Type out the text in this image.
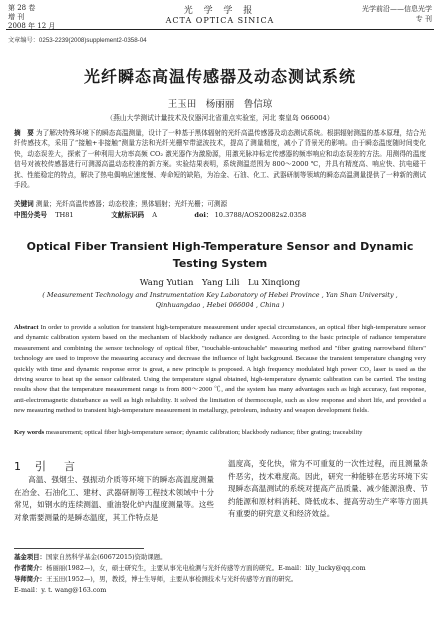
第 28 卷
增 刊
2008 年 12 月
光 学 学 报
ACTA OPTICA SINICA
光学前沿——信息光学
专 刊
文章编号：0253-2239(2008)supplement2-0358-04
光纤瞬态高温传感器及动态测试系统
王玉田　杨丽丽　鲁信琼
（燕山大学测试计量技术及仪器河北省重点实验室，河北 秦皇岛 066004）
摘　要 为了解决特殊环境下的瞬态高温测量，设计了一种基于黑体辐射的光纤高温传感器及动态测试系统。根据辐射测温的基本原理，结合光纤传感技术，采用了“接触+非接触”测量方法和光纤光栅窄带滤波技术，提高了测量精度，减小了背景光的影响。由于瞬态温度随时间变化快，动态误差大，探索了一种利用大功率高频 CO₂ 激光器作为激励源，用激光脉冲标定传感器的频率响应和动态误差的方法。用测得的温度信号对被校传感器进行可测源高温动态校准的新方案。实验结果表明，系统测温范围为 800～2000 ℃，并具有精度高、响应快、抗电磁干扰、性能稳定的特点，解决了热电偶响应速度慢、寿命短的缺陷，为冶金、石油、化工、武器研制等领域的瞬态高温测量提供了一种新的测试手段。
关键词 测量；光纤高温传感器；动态校准；黑体辐射；光纤光栅；可测源
中图分类号 TH81	文献标识码 A	doi： 10.3788/AOS20082s2.0358
Optical Fiber Transient High-Temperature Sensor and Dynamic Testing System
Wang Yutian　Yang Lili　Lu Xinqiong
( Measurement Technology and Instrumentation Key Laboratory of Hebei Province , Yan Shan University , Qinhuangdao , Hebei 066004 , China )
Abstract In order to provide a solution for transient high-temperature measurement under special circumstances, an optical fiber high-temperature sensor and dynamic calibration system based on the mechanism of blackbody radiance are designed. According to the basic principle of radiance temperature measurement and combining the sensor technology of optical fiber, "touchable-untouchable" measuring method and "fiber grating narrowband filters" technology are used to improve the measuring accuracy and decrease the influence of light background. Because the transient temperature changing very quickly with time and dynamic response error is great, a new principle is proposed. A high frequency modulated high power CO₂ laser is used as the driving source to heat up the sensor calibrated. Using the temperature signal obtained, high-temperature dynamic calibration can be carried. The testing results show that the temperature measurement range is from 800～2000 ℃, and the system has many advantages such as high accuracy, fast response, anti-electromagnetic disturbance as well as high reliability. It solved the limitation of thermocouple, such as slow response and short life, and provided a new measuring method to transient high-temperature measurement in metallurgy, petroleum, industry and weapon development fields.
Key words measurement; optical fiber high-temperature sensor; dynamic calibration; blackbody radiance; fiber grating; traceability
1 引言
高温、强烟尘、强振动介质等环境下的瞬态高温度测量在冶金、石油化工、建材、武器研制等工程技术领域中十分常见，如钢水的连续测温、重油裂化炉内温度测量等。这些对象需要测量的是瞬态温度，其工作特点是
温度高，变化快，常为不可重复的一次性过程，而且测量条件恶劣，技术难度高。因此，研究一种能够在恶劣环境下实现瞬态高温测试的系统对提高产品质量、减少能源浪费、节约能源和原材料消耗、降低成本、提高劳动生产率等方面具有重要的研究意义和经济效益。
基金项目：国家自然科学基金(60672015)资助课题。
作者简介：杨丽丽(1982—)，女，硕士研究生，主要从事光电检测与光纤传感等方面的研究。E-mail：lily_lucky@qq.com
导师简介：王玉田(1952—)，男，教授，博士生导师，主要从事检测技术与光纤传感等方面的研究。
E-mail：y. t. wang@163.com
